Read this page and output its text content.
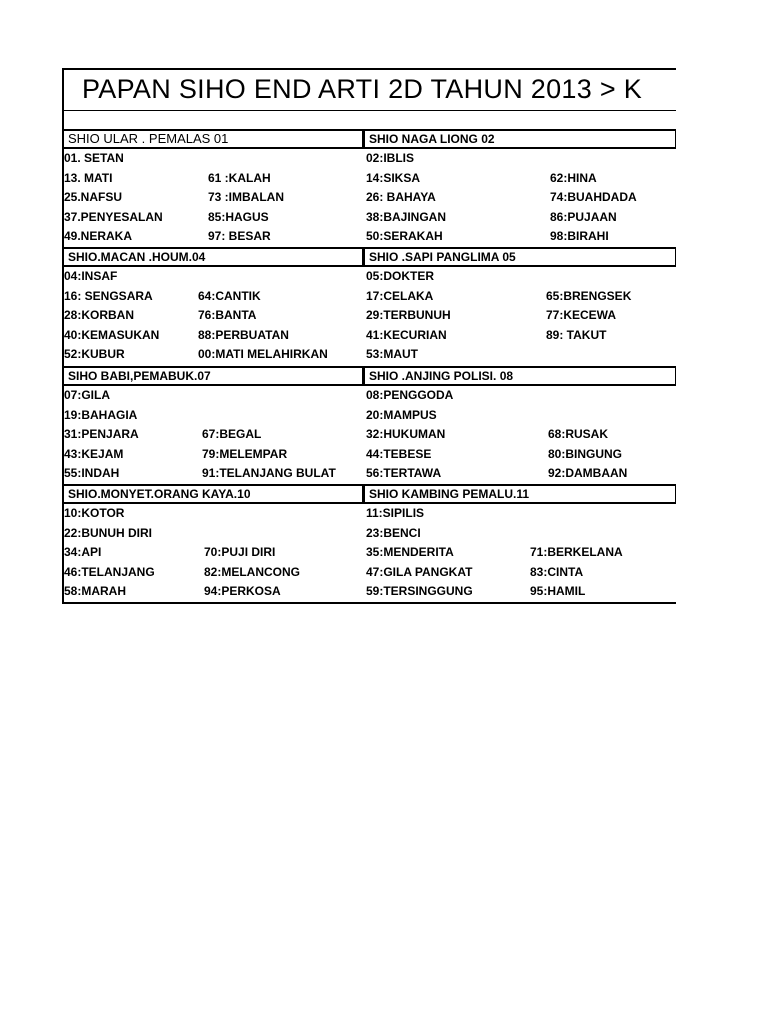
PAPAN SIHO END ARTI 2D TAHUN 2013 > K
SHIO ULAR . PEMALAS 01	SHIO NAGA LIONG 02
01. SETAN	02:IBLIS
13. MATI	61 :KALAH	14:SIKSA	62:HINA
25.NAFSU	73 :IMBALAN	26: BAHAYA	74:BUAHDADA
37.PENYESALAN	85:HAGUS	38:BAJINGAN	86:PUJAAN
49.NERAKA	97: BESAR	50:SERAKAH	98:BIRAHI
SHIO.MACAN .HOUM.04	SHIO .SAPI PANGLIMA 05
04:INSAF	05:DOKTER
16: SENGSARA	64:CANTIK	17:CELAKA	65:BRENGSEK
28:KORBAN	76:BANTA	29:TERBUNUH	77:KECEWA
40:KEMASUKAN	88:PERBUATAN	41:KECURIAN	89: TAKUT
52:KUBUR	00:MATI MELAHIRKAN	53:MAUT
SIHO BABI,PEMABUK.07	SHIO .ANJING POLISI. 08
07:GILA	08:PENGGODA
19:BAHAGIA	20:MAMPUS
31:PENJARA	67:BEGAL	32:HUKUMAN	68:RUSAK
43:KEJAM	79:MELEMPAR	44:TEBESE	80:BINGUNG
55:INDAH	91:TELANJANG BULAT	56:TERTAWA	92:DAMBAAN
SHIO.MONYET.ORANG KAYA.10	SHIO KAMBING PEMALU.11
10:KOTOR	11:SIPILIS
22:BUNUH DIRI	23:BENCI
34:API	70:PUJI DIRI	35:MENDERITA	71:BERKELANA
46:TELANJANG	82:MELANCONG	47:GILA PANGKAT	83:CINTA
58:MARAH	94:PERKOSA	59:TERSINGGUNG	95:HAMIL
